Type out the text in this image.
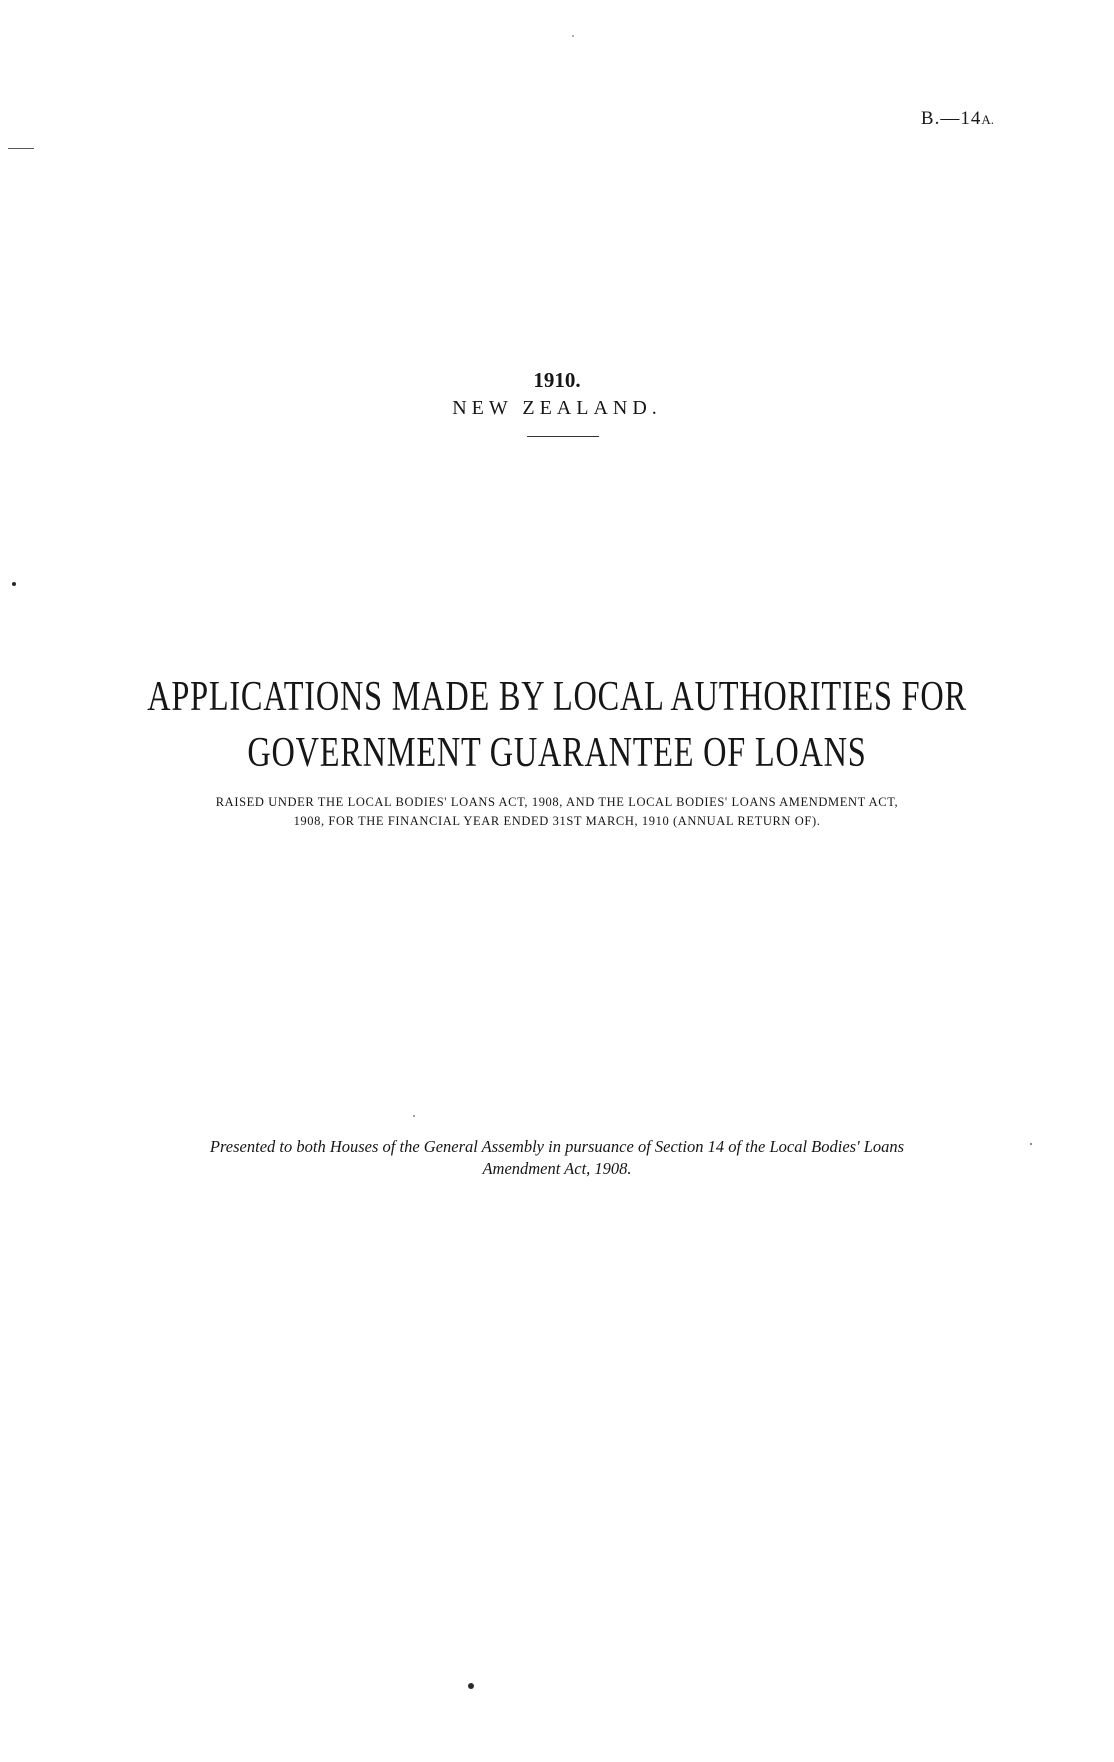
B.—14A.
1910.
NEW ZEALAND.
APPLICATIONS MADE BY LOCAL AUTHORITIES FOR
GOVERNMENT GUARANTEE OF LOANS
RAISED UNDER THE LOCAL BODIES' LOANS ACT, 1908, AND THE LOCAL BODIES' LOANS AMENDMENT ACT,
1908, FOR THE FINANCIAL YEAR ENDED 31ST MARCH, 1910 (ANNUAL RETURN OF).
Presented to both Houses of the General Assembly in pursuance of Section 14 of the Local Bodies' Loans
Amendment Act, 1908.
